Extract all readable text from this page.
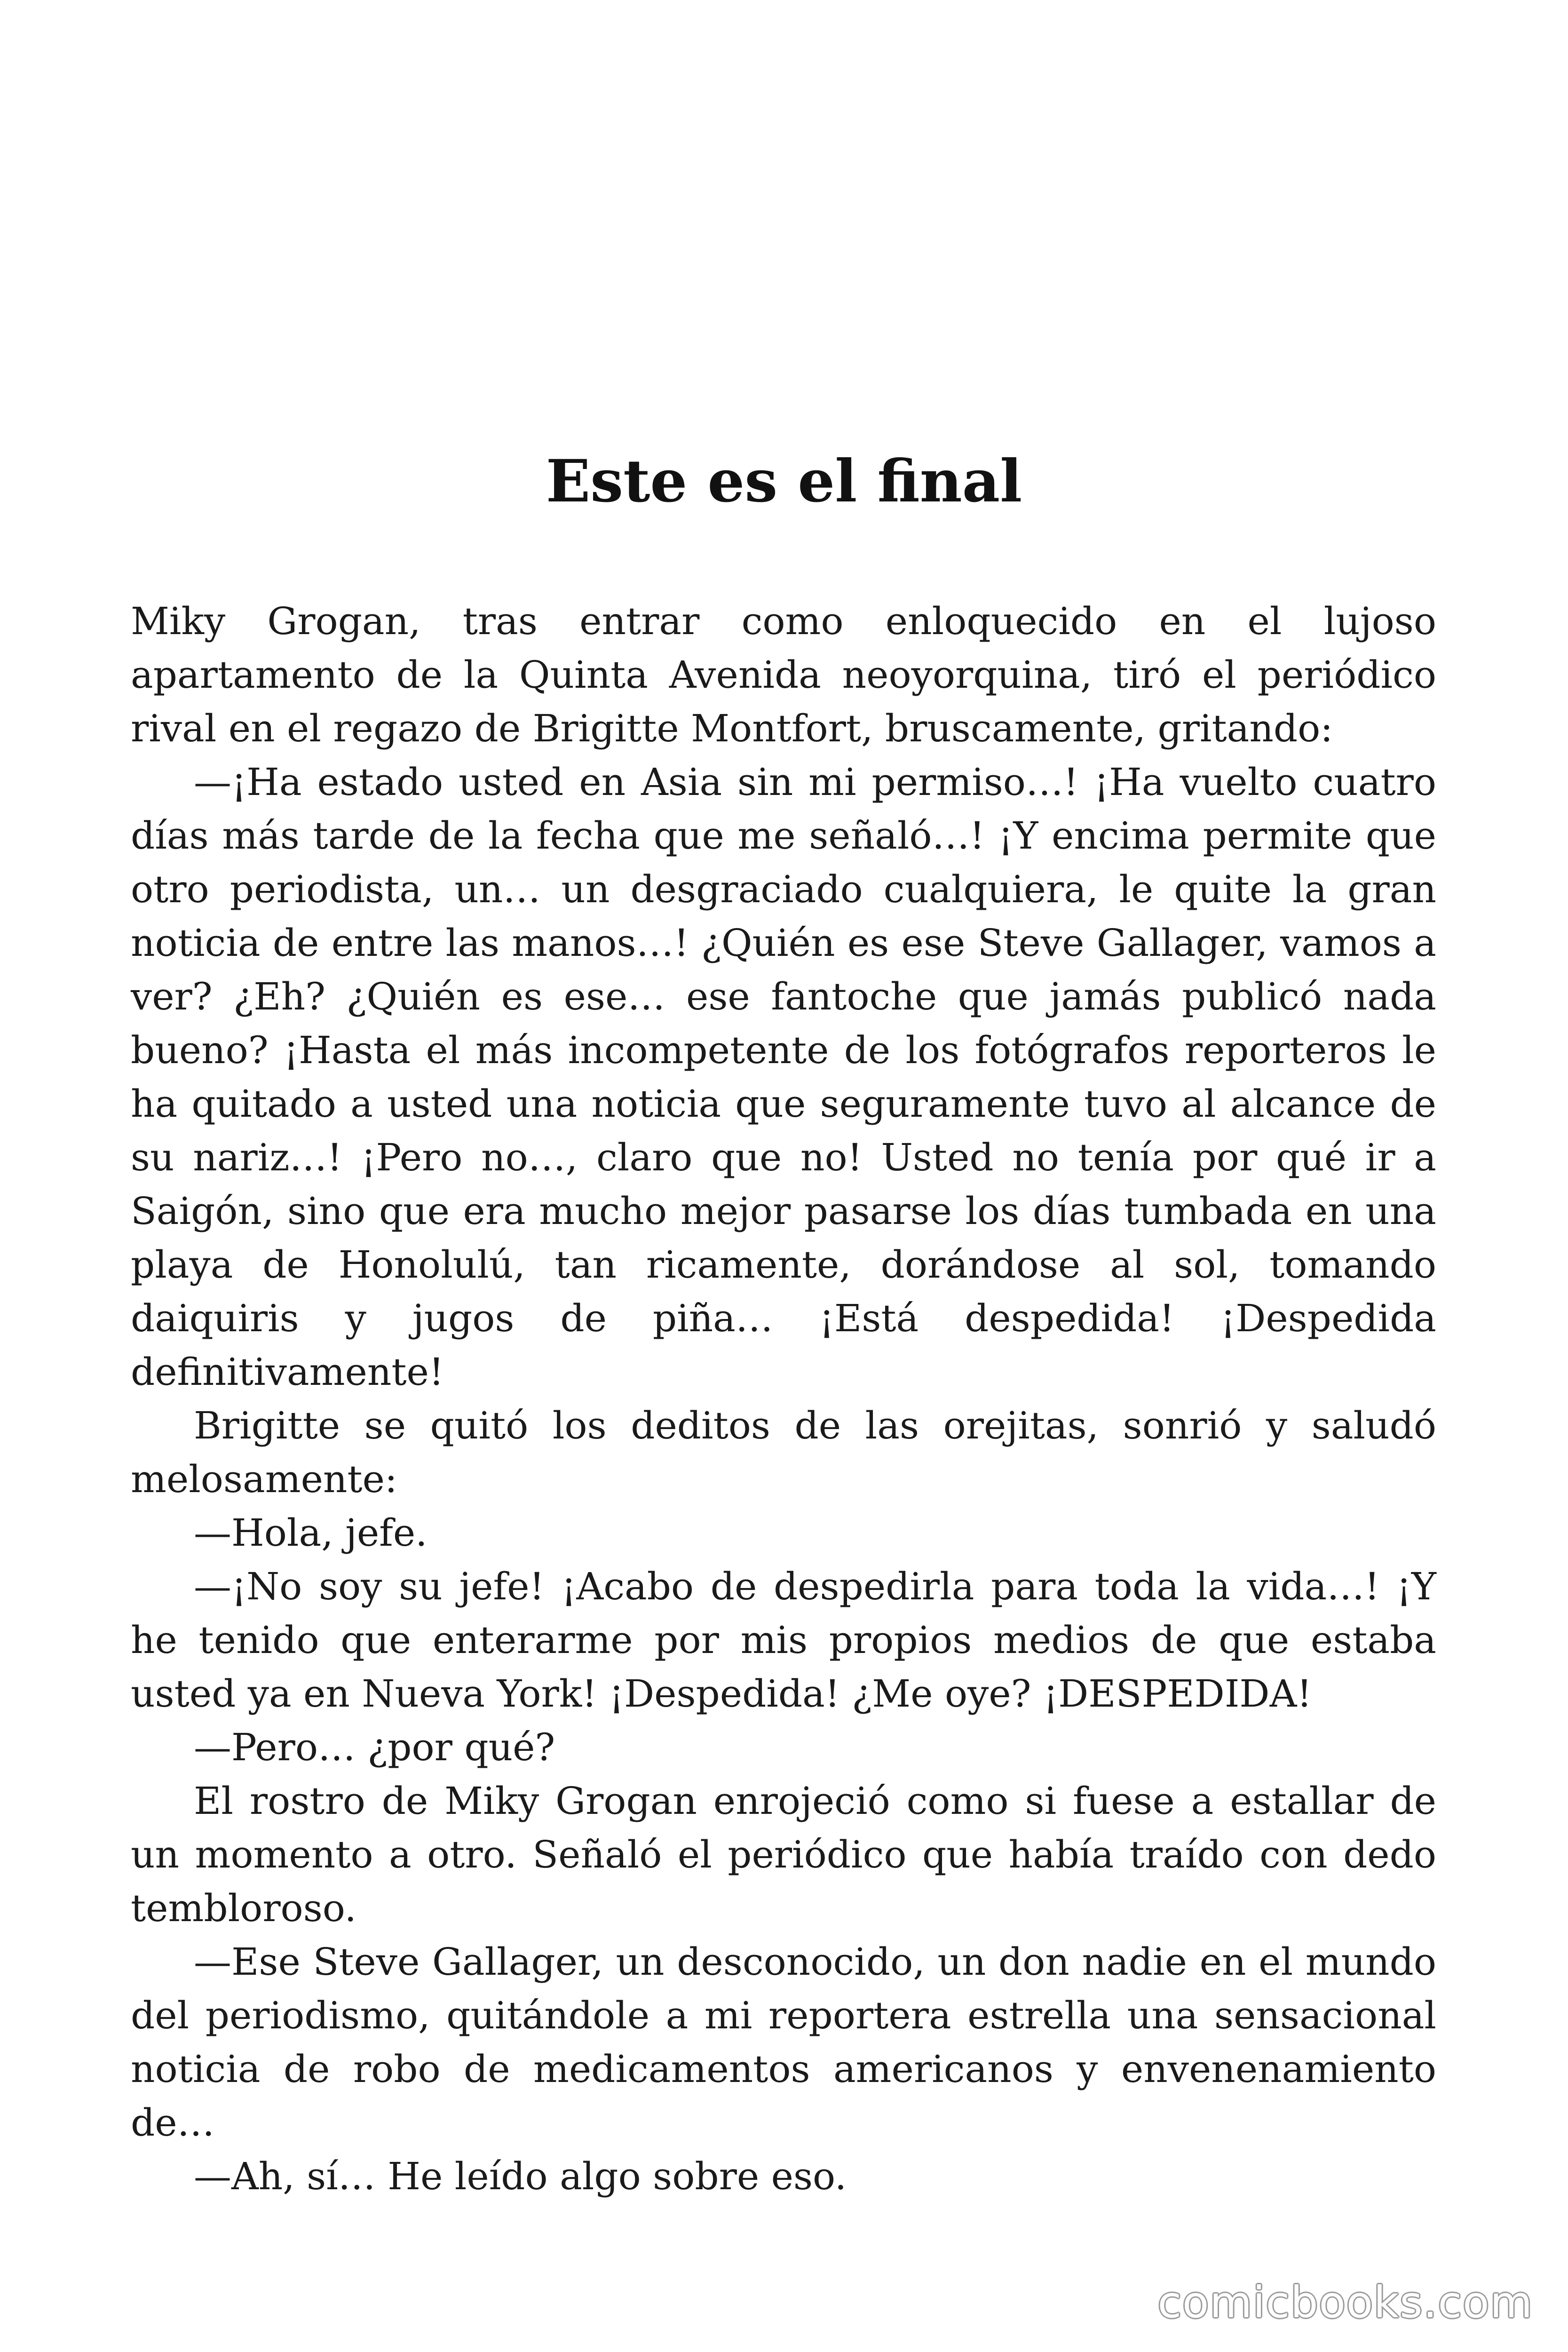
Este es el final

Miky Grogan, tras entrar como enloquecido en el lujoso apartamento de la Quinta Avenida neoyorquina, tiró el periódico rival en el regazo de Brigitte Montfort, bruscamente, gritando:

—¡Ha estado usted en Asia sin mi permiso…! ¡Ha vuelto cuatro días más tarde de la fecha que me señaló…! ¡Y encima permite que otro periodista, un… un desgraciado cualquiera, le quite la gran noticia de entre las manos…! ¿Quién es ese Steve Gallager, vamos a ver? ¿Eh? ¿Quién es ese… ese fantoche que jamás publicó nada bueno? ¡Hasta el más incompetente de los fotógrafos reporteros le ha quitado a usted una noticia que seguramente tuvo al alcance de su nariz…! ¡Pero no…, claro que no! Usted no tenía por qué ir a Saigón, sino que era mucho mejor pasarse los días tumbada en una playa de Honolulú, tan ricamente, dorándose al sol, tomando daiquiris y jugos de piña… ¡Está despedida! ¡Despedida definitivamente!

Brigitte se quitó los deditos de las orejitas, sonrió y saludó melosamente:

—Hola, jefe.

—¡No soy su jefe! ¡Acabo de despedirla para toda la vida…! ¡Y he tenido que enterarme por mis propios medios de que estaba usted ya en Nueva York! ¡Despedida! ¿Me oye? ¡DESPEDIDA!

—Pero… ¿por qué?

El rostro de Miky Grogan enrojeció como si fuese a estallar de un momento a otro. Señaló el periódico que había traído con dedo tembloroso.

—Ese Steve Gallager, un desconocido, un don nadie en el mundo del periodismo, quitándole a mi reportera estrella una sensacional noticia de robo de medicamentos americanos y envenenamiento de…

—Ah, sí… He leído algo sobre eso.

comicbooks.com
